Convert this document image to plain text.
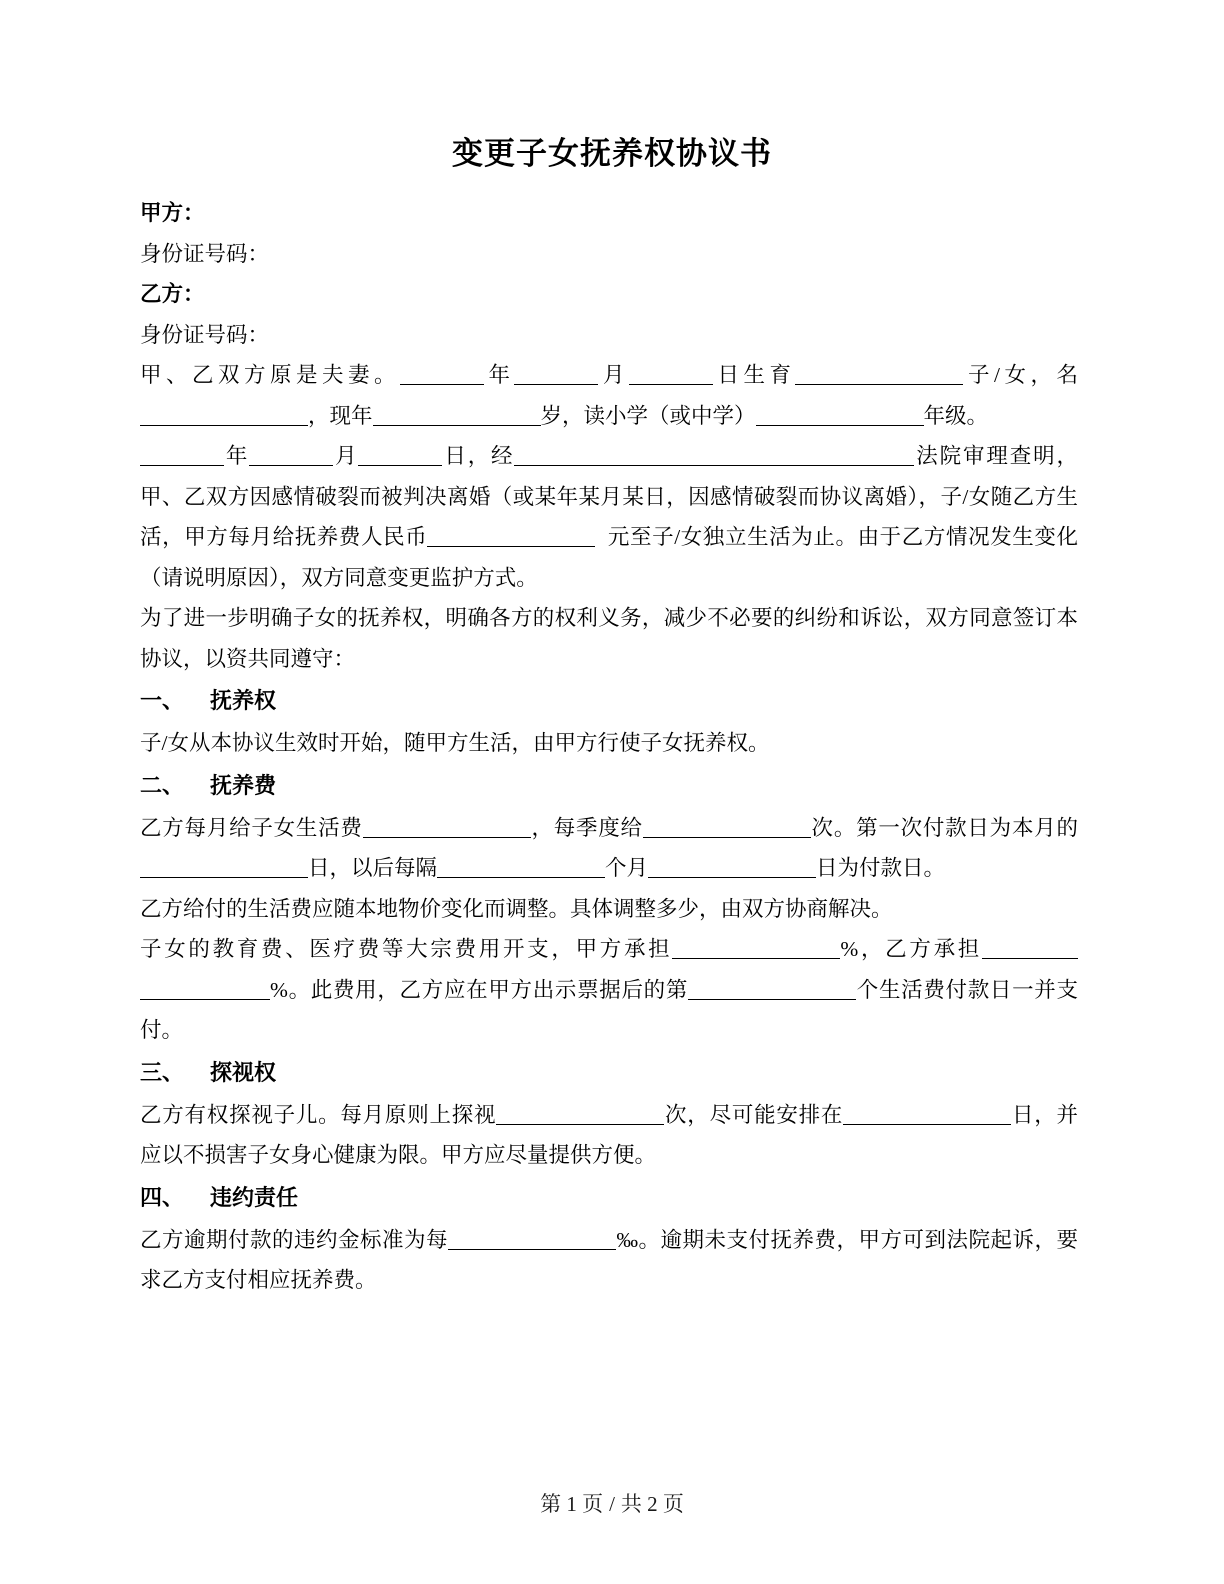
变更子女抚养权协议书

甲方：

身份证号码：

乙方：

身份证号码：

甲、乙双方原是夫妻。	年	月	日生育	子/女，名，现年	岁，读小学（或中学）	年级。

年	月	日，经	法院审理查明，甲、乙双方因感情破裂而被判决离婚（或某年某月某日，因感情破裂而协议离婚），子/女随乙方生活，甲方每月给抚养费人民币	元至子/女独立生活为止。由于乙方情况发生变化（请说明原因），双方同意变更监护方式。

为了进一步明确子女的抚养权，明确各方的权利义务，减少不必要的纠纷和诉讼，双方同意签订本协议，以资共同遵守：

一、 抚养权

子/女从本协议生效时开始，随甲方生活，由甲方行使子女抚养权。

二、 抚养费

乙方每月给子女生活费	，每季度给	次。第一次付款日为本月的日，以后每隔	个月	日为付款日。

乙方给付的生活费应随本地物价变化而调整。具体调整多少，由双方协商解决。

子女的教育费、医疗费等大宗费用开支，甲方承担	%，乙方承担%。此费用，乙方应在甲方出示票据后的第	个生活费付款日一并支付。

三、 探视权

乙方有权探视子儿。每月原则上探视	次，尽可能安排在	日，并应以不损害子女身心健康为限。甲方应尽量提供方便。

四、 违约责任

乙方逾期付款的违约金标准为每	‰。逾期未支付抚养费，甲方可到法院起诉，要求乙方支付相应抚养费。

第 1 页 / 共 2 页
